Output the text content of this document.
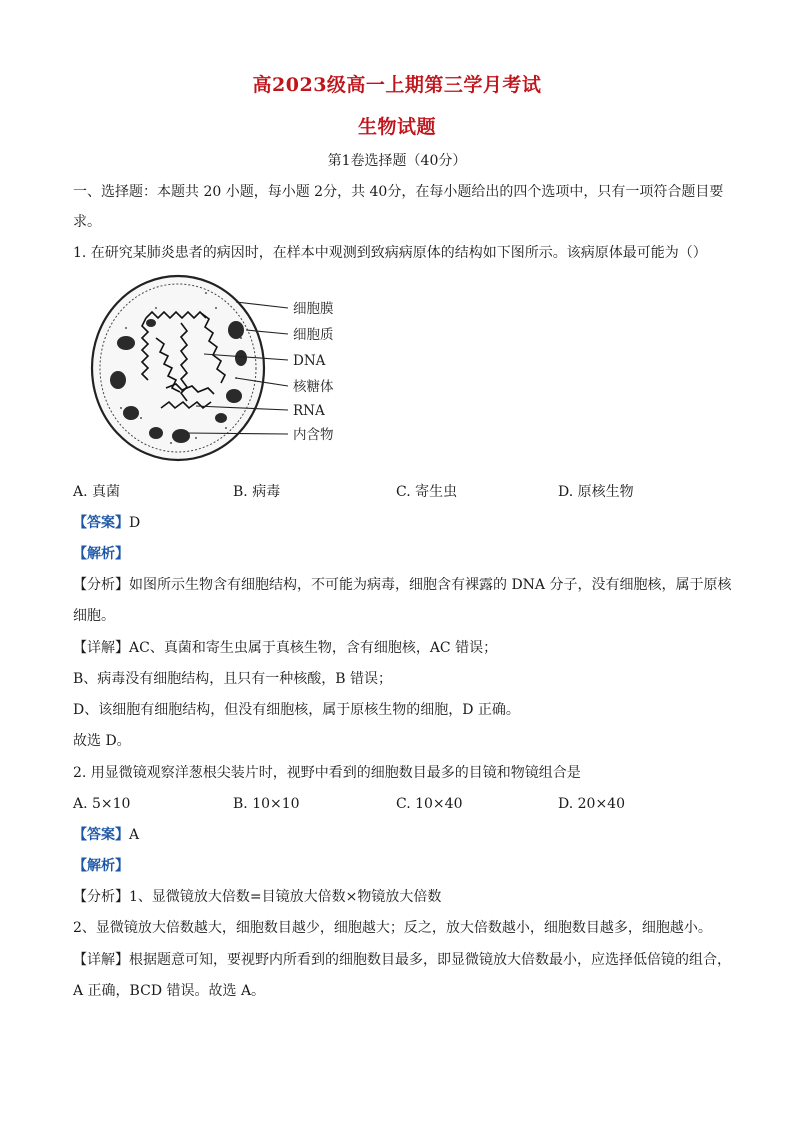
高2023级高一上期第三学月考试
生物试题
第1卷选择题（40分）
一、选择题：本题共 20 小题，每小题 2分，共 40分，在每小题给出的四个选项中，只有一项符合题目要
求。
1. 在研究某肺炎患者的病因时，在样本中观测到致病病原体的结构如下图所示。该病原体最可能为（）
细胞膜
细胞质
DNA
核糖体
RNA
内含物
A. 真菌	B. 病毒	C. 寄生虫	D. 原核生物
【答案】D
【解析】
【分析】如图所示生物含有细胞结构，不可能为病毒，细胞含有裸露的 DNA 分子，没有细胞核，属于原核
细胞。
【详解】AC、真菌和寄生虫属于真核生物，含有细胞核，AC 错误；
B、病毒没有细胞结构，且只有一种核酸，B 错误；
D、该细胞有细胞结构，但没有细胞核，属于原核生物的细胞，D 正确。
故选 D。
2. 用显微镜观察洋葱根尖装片时，视野中看到的细胞数目最多的目镜和物镜组合是
A. 5×10	B. 10×10	C. 10×40	D. 20×40
【答案】A
【解析】
【分析】1、显微镜放大倍数=目镜放大倍数×物镜放大倍数
2、显微镜放大倍数越大，细胞数目越少，细胞越大；反之，放大倍数越小，细胞数目越多，细胞越小。
【详解】根据题意可知，要视野内所看到的细胞数目最多，即显微镜放大倍数最小，应选择低倍镜的组合，
A 正确，BCD 错误。故选 A。
